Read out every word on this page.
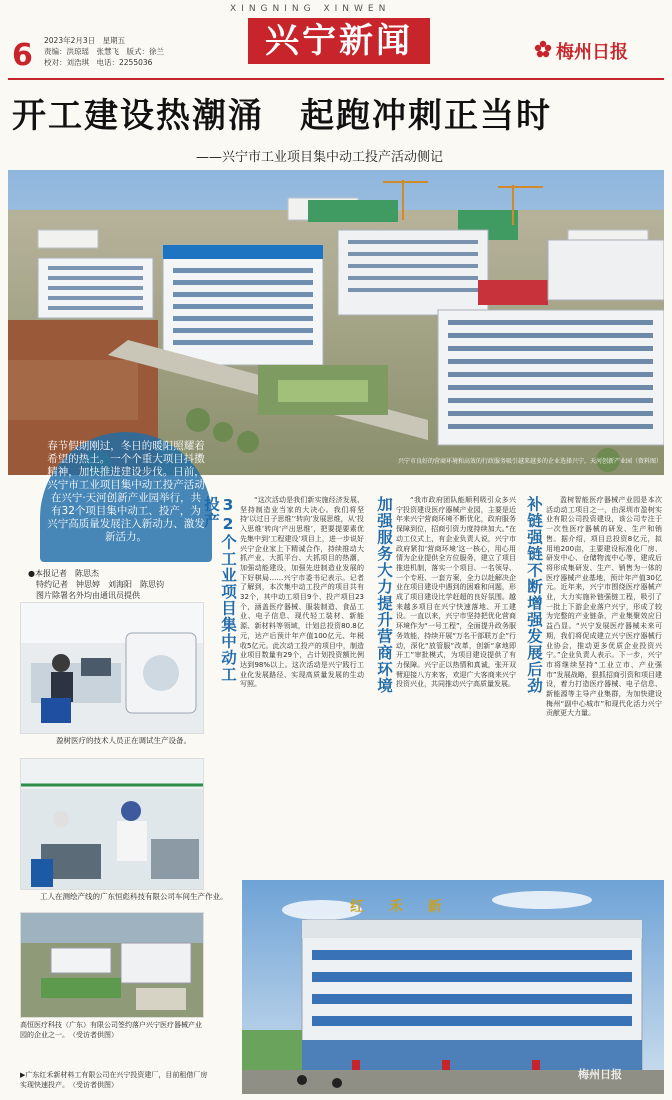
6 2023年2月3日　星期五
责编：洪琼瑶　张慧飞　版式：徐兰
校对：刘浩琪　电话：2255036
XINGNING XINWEN
兴宁新闻	梅州日报
开工建设热潮涌　起跑冲刺正当时
——兴宁市工业项目集中动工投产活动侧记
春节假期刚过，冬日的暖阳照耀着希望的热土。一个个重大项目抖擞精神，加快推进建设步伐。日前，兴宁市工业项目集中动工投产活动在兴宁·天河创新产业园举行，共有32个项目集中动工、投产，为兴宁高质量发展注入新动力、激发新活力。
兴宁市良好的营商环境和高效的行政服务吸引越来越多的企业选择兴宁。天河创新产业园（资料图）
●本报记者　陈思杰
　特约记者　钟思婷　刘海阳　陈思钧
　图片除署名外均由通讯员提供
盈树医疗的技术人员正在调试生产设备。
工人在测绘产线的广东恒彪科技有限公司车间生产作业。
高恒医疗科技（广东）有限公司签约落户兴宁医疗器械产业园的企业之一。　（受访者供图）
▶广东红禾新材料工有限公司在兴宁投资建厂，目前租借厂房实现快速投产。　（受访者供图）
32个工业项目集中动工投产	加强服务大力提升营商环境	补链强链不断增强发展后劲
“这次活动是我们新实施经济发展、坚持制造业当家的大决心。我们将坚持‘以过日子思维’‘转向’发展思维，从‘投入思维’转向‘产出思维’，把要提要素优先集中到‘工程建设’项目上，进一步说好兴宁企业家上下精诚合作，持续推动大抓产业、大抓平台、大抓项目的热潮，加强动能建设，加强先进制造业发展的下好棋局……兴宁市委书记表示。记者了解到，本次集中动工投产的项目共有32个，其中动工项目9个、投产项目23个，涵盖医疗器械、服装制造、食品工业、电子信息、现代轻工装材、新能源、新材料等领域，计划总投资80.8亿元，达产后预计年产值100亿元、年税收5亿元。此次动工投产的项目中，制造业项目数量有29个，占计划投资额比例达到98%以上。这次活动是兴宁践行工业化发展路径、实现高质量发展的生动写照。
“我市政府团队能顺利吸引众多兴宁投资建设医疗器械产业园，主要是近年来兴宁营商环境不断优化，政府服务保障到位，招商引资力度持续加大。”在动工仪式上，有企业负责人说，兴宁市政府紧扣‘营商环境’这一核心，用心用情为企业提供全方位服务，建立了项目推进机制，落实一个项目、一名领导、一个专班、一套方案，全力以赴解决企业在项目建设中遇到的困难和问题，形成了项目建设比学赶超的良好氛围。越来越多项目在兴宁快速落地、开工建设。一直以来，兴宁市坚持把优化营商环境作为“一号工程”，全面提升政务服务效能，持续开展“万名干部联万企”行动，深化“放管服”改革，创新“拿地即开工”审批模式，为项目建设提供了有力保障。兴宁正以热情和真诚，张开双臂迎接八方来客，欢迎广大客商来兴宁投资兴业，共同推动兴宁高质量发展。
盈树智能医疗器械产业园是本次活动动工项目之一，由深圳市盈树实业有限公司投资建设，该公司专注于一次性医疗器械的研发、生产和销售。据介绍，项目总投资8亿元，拟用地200亩，主要建设标准化厂房、研发中心、仓储物流中心等，建成后将形成集研发、生产、销售为一体的医疗器械产业基地，预计年产值30亿元。近年来，兴宁市围绕医疗器械产业，大力实施补链强链工程，吸引了一批上下游企业落户兴宁，形成了较为完整的产业链条，产业集聚效应日益凸显。“兴宁发展医疗器械未来可期，我们将促成建立兴宁医疗器械行业协会，推动更多优质企业投资兴宁。”企业负责人表示。下一步，兴宁市将继续坚持“工业立市、产业强市”发展战略，狠抓招商引资和项目建设，着力打造医疗器械、电子信息、新能源等主导产业集群，为加快建设梅州“副中心城市”和现代化活力兴宁贡献更大力量。
红 禾 新
梅州日报
